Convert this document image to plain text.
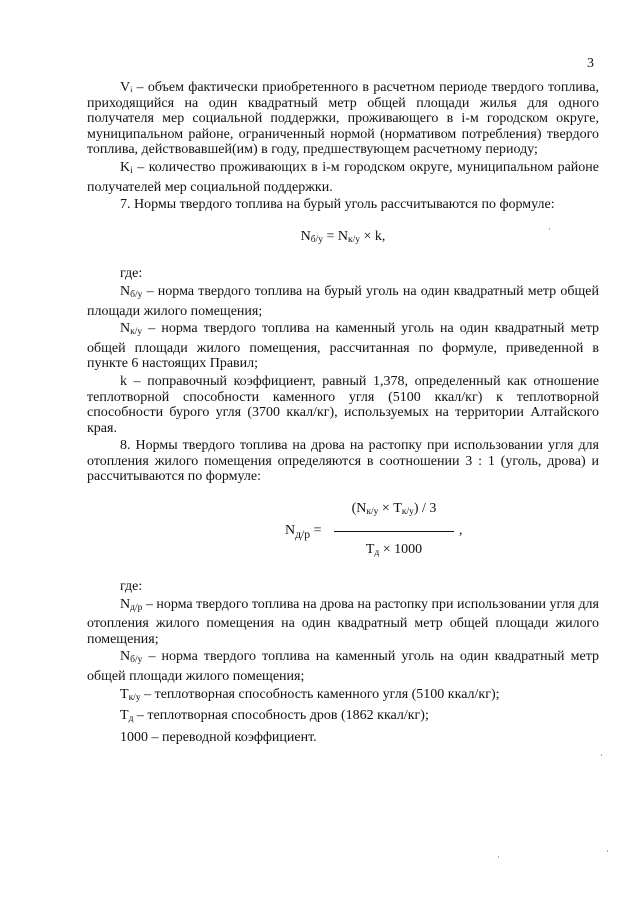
3

Vᵢ – объем фактически приобретенного в расчетном периоде твердого топлива, приходящийся на один квадратный метр общей площади жилья для одного получателя мер социальной поддержки, проживающего в i-м городском округе, муниципальном районе, ограниченный нормой (нормативом потребления) твердого топлива, действовавшей(им) в году, предшествующем расчетному периоду;

$K_i$ – количество проживающих в i-м городском округе, муниципальном районе получателей мер социальной поддержки.

7. Нормы твердого топлива на бурый уголь рассчитываются по формуле:

$N_{б/у} = N_{к/у} \times k$,

где:

$N_{б/у}$ – норма твердого топлива на бурый уголь на один квадратный метр общей площади жилого помещения;

$N_{к/у}$ – норма твердого топлива на каменный уголь на один квадратный метр общей площади жилого помещения, рассчитанная по формуле, приведенной в пункте 6 настоящих Правил;

k – поправочный коэффициент, равный 1,378, определенный как отношение теплотворной способности каменного угля (5100 ккал/кг) к теплотворной способности бурого угля (3700 ккал/кг), используемых на территории Алтайского края.

8. Нормы твердого топлива на дрова на растопку при использовании угля для отопления жилого помещения определяются в соотношении 3 : 1 (уголь, дрова) и рассчитываются по формуле:

$N_{д/р}$ =
$(N_{к/у} \times T_{к/у}) / 3$
$T_д \times 1000$
,

где:

$N_{д/р}$ – норма твердого топлива на дрова на растопку при использовании угля для отопления жилого помещения на один квадратный метр общей площади жилого помещения;

$N_{б/у}$ – норма твердого топлива на каменный уголь на один квадратный метр общей площади жилого помещения;

$T_{к/у}$ – теплотворная способность каменного угля (5100 ккал/кг);

$T_д$ – теплотворная способность дров (1862 ккал/кг);

1000 – переводной коэффициент.

·
·
·
·
